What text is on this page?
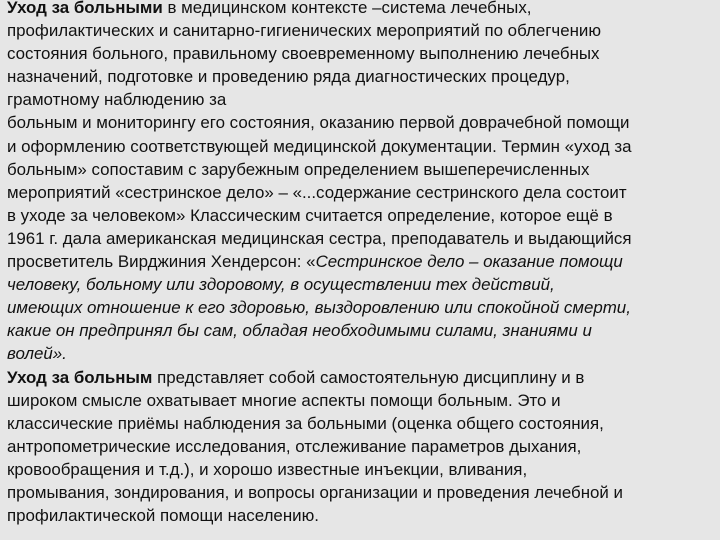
Уход за больными в медицинском контексте –система лечебных,
профилактических и санитарно-гигиенических мероприятий по облегчению
состояния больного, правильному своевременному выполнению лечебных
назначений, подготовке и проведению ряда диагностических процедур,
грамотному наблюдению за
больным и мониторингу его состояния, оказанию первой доврачебной помощи
и оформлению соответствующей медицинской документации. Термин «уход за
больным» сопоставим с зарубежным определением вышеперечисленных
мероприятий «сестринское дело» – «...содержание сестринского дела состоит
в уходе за человеком» Классическим считается определение, которое ещё в
1961 г. дала американская медицинская сестра, преподаватель и выдающийся
просветитель Вирджиния Хендерсон: «Сестринское дело – оказание помощи
человеку, больному или здоровому, в осуществлении тех действий,
имеющих отношение к его здоровью, выздоровлению или спокойной смерти,
какие он предпринял бы сам, обладая необходимыми силами, знаниями и
волей».
Уход за больным представляет собой самостоятельную дисциплину и в
широком смысле охватывает многие аспекты помощи больным. Это и
классические приёмы наблюдения за больными (оценка общего состояния,
антропометрические исследования, отслеживание параметров дыхания,
кровообращения и т.д.), и хорошо известные инъекции, вливания,
промывания, зондирования, и вопросы организации и проведения лечебной и
профилактической помощи населению.
